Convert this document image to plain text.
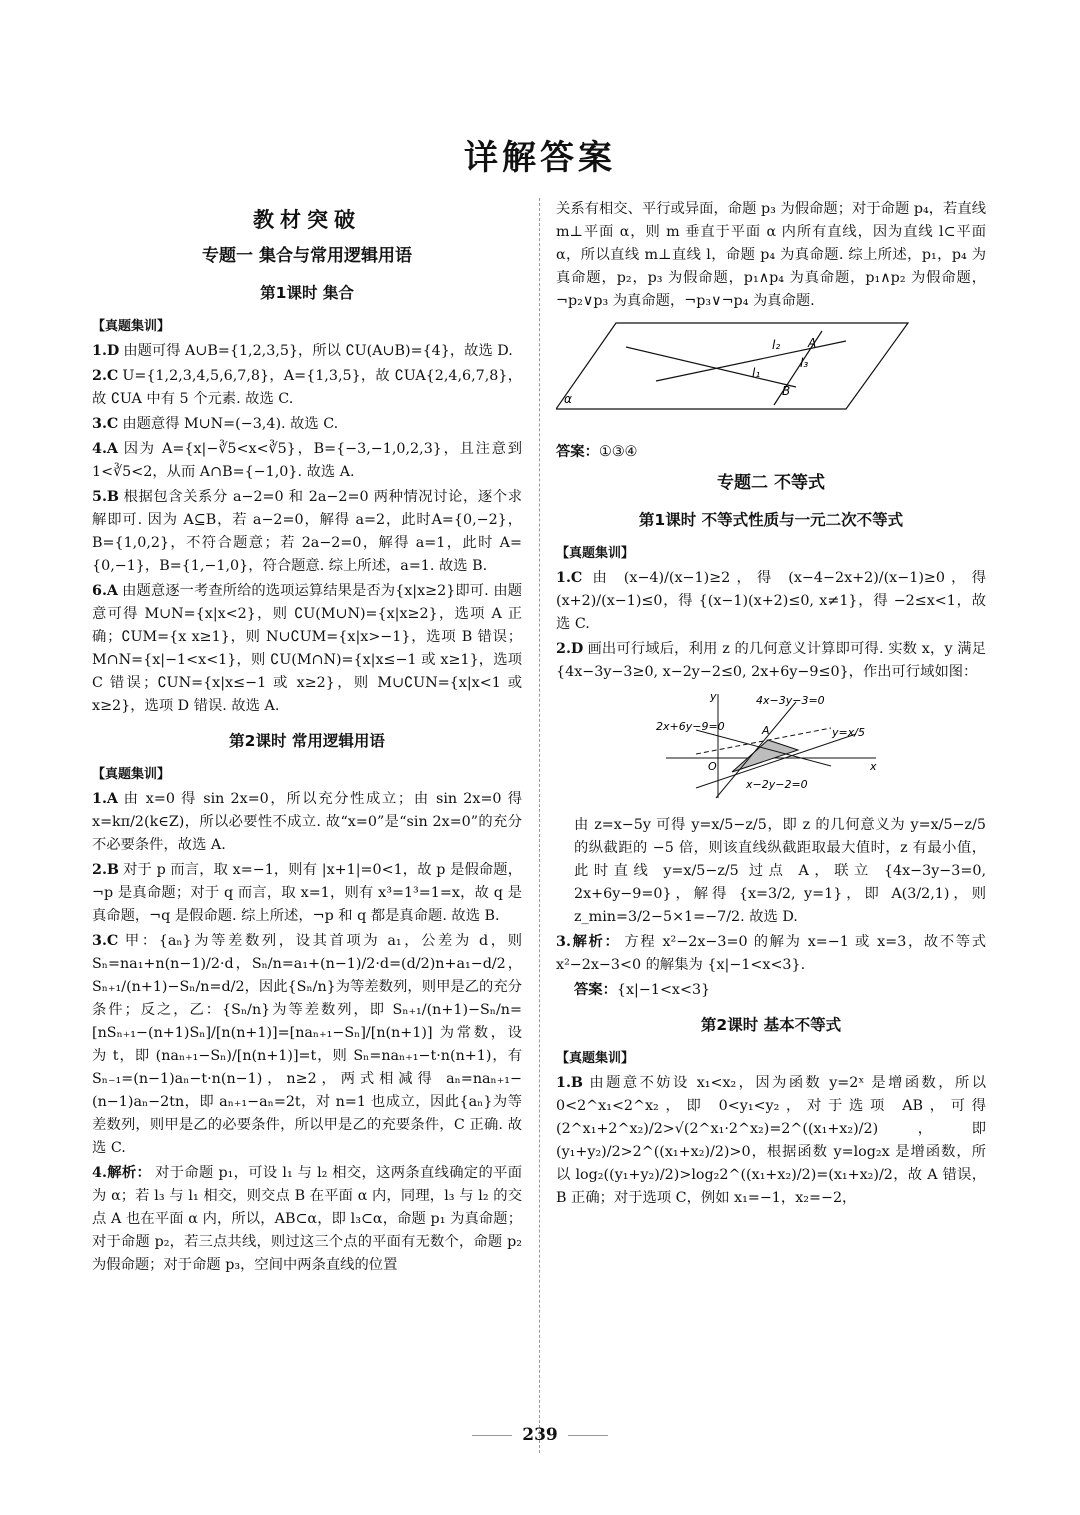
详解答案
教材突破
专题一 集合与常用逻辑用语
第1课时 集合
【真题集训】
1.D 由题可得 A∪B={1,2,3,5}，所以 ∁U(A∪B)={4}，故选 D.
2.C U={1,2,3,4,5,6,7,8}，A={1,3,5}，故 ∁UA{2,4,6,7,8}，故 ∁UA 中有 5 个元素. 故选 C.
3.C 由题意得 M∪N=(−3,4). 故选 C.
4.A 因为 A={x|−∛5<x<∛5}，B={−3,−1,0,2,3}，且注意到 1<∛5<2，从而 A∩B={−1,0}. 故选 A.
5.B 根据包含关系分 a−2=0 和 2a−2=0 两种情况讨论，逐个求解即可. 因为 A⊆B，若 a−2=0，解得 a=2，此时A={0,−2}，B={1,0,2}，不符合题意；若 2a−2=0，解得 a=1，此时 A={0,−1}，B={1,−1,0}，符合题意. 综上所述，a=1. 故选 B.
6.A 由题意逐一考查所给的选项运算结果是否为{x|x≥2}即可. 由题意可得 M∪N={x|x<2}，则 ∁U(M∪N)={x|x≥2}，选项 A 正确；∁UM={x x≥1}，则 N∪∁UM={x|x>−1}，选项 B 错误；M∩N={x|−1<x<1}，则 ∁U(M∩N)={x|x≤−1 或 x≥1}，选项 C 错误；∁UN={x|x≤−1 或 x≥2}，则 M∪∁UN={x|x<1 或 x≥2}，选项 D 错误. 故选 A.
第2课时 常用逻辑用语
【真题集训】
1.A 由 x=0 得 sin 2x=0，所以充分性成立；由 sin 2x=0 得 x=kπ/2(k∈Z)，所以必要性不成立. 故“x=0”是“sin 2x=0”的充分不必要条件，故选 A.
2.B 对于 p 而言，取 x=−1，则有 |x+1|=0<1，故 p 是假命题，¬p 是真命题；对于 q 而言，取 x=1，则有 x³=1³=1=x，故 q 是真命题，¬q 是假命题. 综上所述，¬p 和 q 都是真命题. 故选 B.
3.C 甲：{aₙ}为等差数列，设其首项为 a₁，公差为 d，则 Sₙ=na₁+n(n−1)/2·d，Sₙ/n=a₁+(n−1)/2·d=(d/2)n+a₁−d/2，Sₙ₊₁/(n+1)−Sₙ/n=d/2，因此{Sₙ/n}为等差数列，则甲是乙的充分条件；反之，乙：{Sₙ/n}为等差数列，即 Sₙ₊₁/(n+1)−Sₙ/n=[nSₙ₊₁−(n+1)Sₙ]/[n(n+1)]=[naₙ₊₁−Sₙ]/[n(n+1)] 为常数，设为 t，即 (naₙ₊₁−Sₙ)/[n(n+1)]=t，则 Sₙ=naₙ₊₁−t·n(n+1)，有 Sₙ₋₁=(n−1)aₙ−t·n(n−1)，n≥2，两式相减得 aₙ=naₙ₊₁−(n−1)aₙ−2tn，即 aₙ₊₁−aₙ=2t，对 n=1 也成立，因此{aₙ}为等差数列，则甲是乙的必要条件，所以甲是乙的充要条件，C 正确. 故选 C.
4.解析： 对于命题 p₁，可设 l₁ 与 l₂ 相交，这两条直线确定的平面为 α；若 l₃ 与 l₁ 相交，则交点 B 在平面 α 内，同理，l₃ 与 l₂ 的交点 A 也在平面 α 内，所以，AB⊂α，即 l₃⊂α，命题 p₁ 为真命题；对于命题 p₂，若三点共线，则过这三个点的平面有无数个，命题 p₂ 为假命题；对于命题 p₃，空间中两条直线的位置
关系有相交、平行或异面，命题 p₃ 为假命题；对于命题 p₄，若直线 m⊥平面 α，则 m 垂直于平面 α 内所有直线，因为直线 l⊂平面 α，所以直线 m⊥直线 l，命题 p₄ 为真命题. 综上所述，p₁，p₄ 为真命题，p₂，p₃ 为假命题，p₁∧p₄ 为真命题，p₁∧p₂ 为假命题，¬p₂∨p₃ 为真命题，¬p₃∨¬p₄ 为真命题.
l₂ A
l₃
l₁
B
α
答案：①③④
专题二 不等式
第1课时 不等式性质与一元二次不等式
【真题集训】
1.C 由 (x−4)/(x−1)≥2，得 (x−4−2x+2)/(x−1)≥0，得 (x+2)/(x−1)≤0，得 {(x−1)(x+2)≤0, x≠1}，得 −2≤x<1，故选 C.
2.D 画出可行域后，利用 z 的几何意义计算即可得. 实数 x，y 满足 {4x−3y−3≥0, x−2y−2≤0, 2x+6y−9≤0}，作出可行域如图：
4x−3y−3=0
2x+6y−9=0	y=x/5
x−2y−2=0
A
O	x
y
由 z=x−5y 可得 y=x/5−z/5，即 z 的几何意义为 y=x/5−z/5 的纵截距的 −5 倍，则该直线纵截距取最大值时，z 有最小值，此时直线 y=x/5−z/5 过点 A，联立 {4x−3y−3=0, 2x+6y−9=0}，解得 {x=3/2, y=1}，即 A(3/2,1)，则 z_min=3/2−5×1=−7/2. 故选 D.
3.解析： 方程 x²−2x−3=0 的解为 x=−1 或 x=3，故不等式 x²−2x−3<0 的解集为 {x|−1<x<3}.
答案：{x|−1<x<3}
第2课时 基本不等式
【真题集训】
1.B 由题意不妨设 x₁<x₂，因为函数 y=2ˣ 是增函数，所以 0<2^x₁<2^x₂，即 0<y₁<y₂，对于选项 AB，可得 (2^x₁+2^x₂)/2>√(2^x₁·2^x₂)=2^((x₁+x₂)/2)，即 (y₁+y₂)/2>2^((x₁+x₂)/2)>0，根据函数 y=log₂x 是增函数，所以 log₂((y₁+y₂)/2)>log₂2^((x₁+x₂)/2)=(x₁+x₂)/2，故 A 错误，B 正确；对于选项 C，例如 x₁=−1，x₂=−2，
239
